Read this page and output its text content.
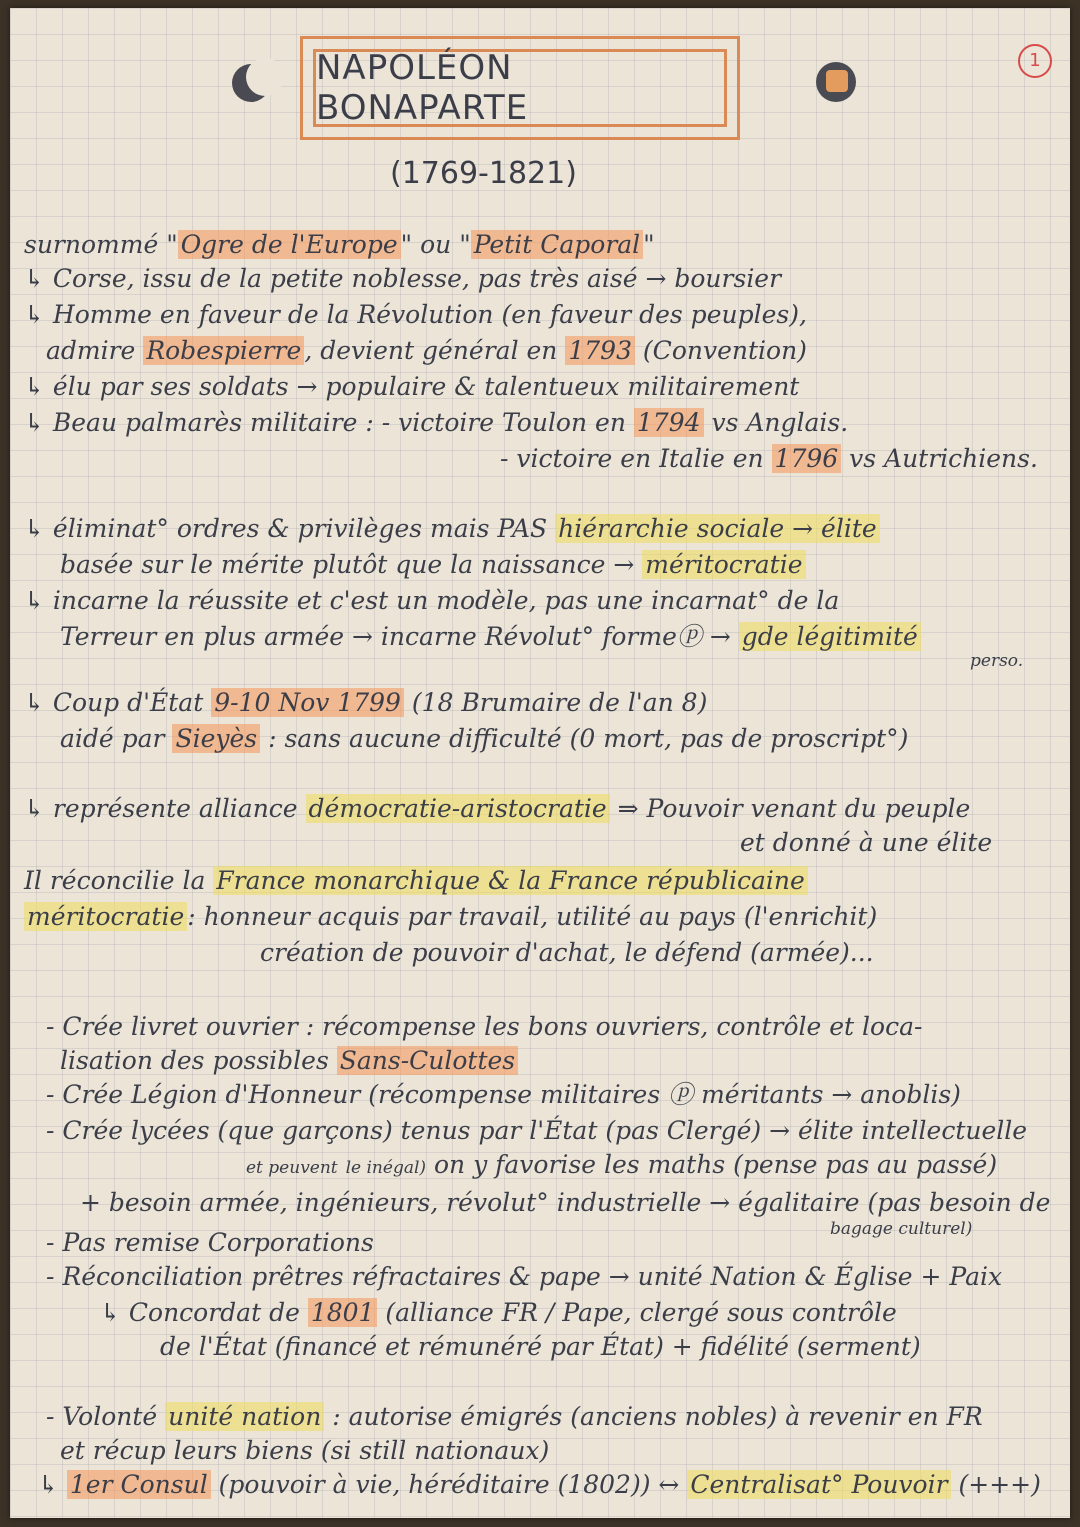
NAPOLÉON BONAPARTE
(1769-1821)
1
surnommé " Ogre de l'Europe " ou " Petit Caporal "
↳ Corse, issu de la petite noblesse, pas très aisé → boursier
↳ Homme en faveur de la Révolution (en faveur des peuples),
admire Robespierre , devient général en 1793 (Convention)
↳ élu par ses soldats → populaire & talentueux militairement
↳ Beau palmarès militaire : - victoire Toulon en 1794 vs Anglais.
- victoire en Italie en 1796 vs Autrichiens.
↳ éliminat° ordres & privilèges mais PAS hiérarchie sociale → élite
basée sur le mérite plutôt que la naissance → méritocratie
↳ incarne la réussite et c'est un modèle, pas une incarnat° de la
Terreur en plus armée → incarne Révolut° formeⓟ → gde légitimité
perso.
↳ Coup d'État 9-10 Nov 1799 (18 Brumaire de l'an 8)
aidé par Sieyès : sans aucune difficulté (0 mort, pas de proscript°)
↳ représente alliance démocratie-aristocratie ⇒ Pouvoir venant du peuple
et donné à une élite
Il réconcilie la France monarchique & la France républicaine
méritocratie : honneur acquis par travail, utilité au pays (l'enrichit)
création de pouvoir d'achat, le défend (armée)...
- Crée livret ouvrier : récompense les bons ouvriers, contrôle et loca-
lisation des possibles Sans-Culottes
- Crée Légion d'Honneur (récompense militaires ⓟ méritants → anoblis)
- Crée lycées (que garçons) tenus par l'État (pas Clergé) → élite intellectuelle
et peuvent le inégal) on y favorise les maths (pense pas au passé)
+ besoin armée, ingénieurs, révolut° industrielle → égalitaire (pas besoin de
bagage culturel)
- Pas remise Corporations
- Réconciliation prêtres réfractaires & pape → unité Nation & Église + Paix
↳ Concordat de 1801 (alliance FR / Pape, clergé sous contrôle
de l'État (financé et rémunéré par État) + fidélité (serment)
- Volonté unité nation : autorise émigrés (anciens nobles) à revenir en FR
et récup leurs biens (si still nationaux)
↳ 1er Consul (pouvoir à vie, héréditaire (1802)) ↔ Centralisat° Pouvoir (+++)
